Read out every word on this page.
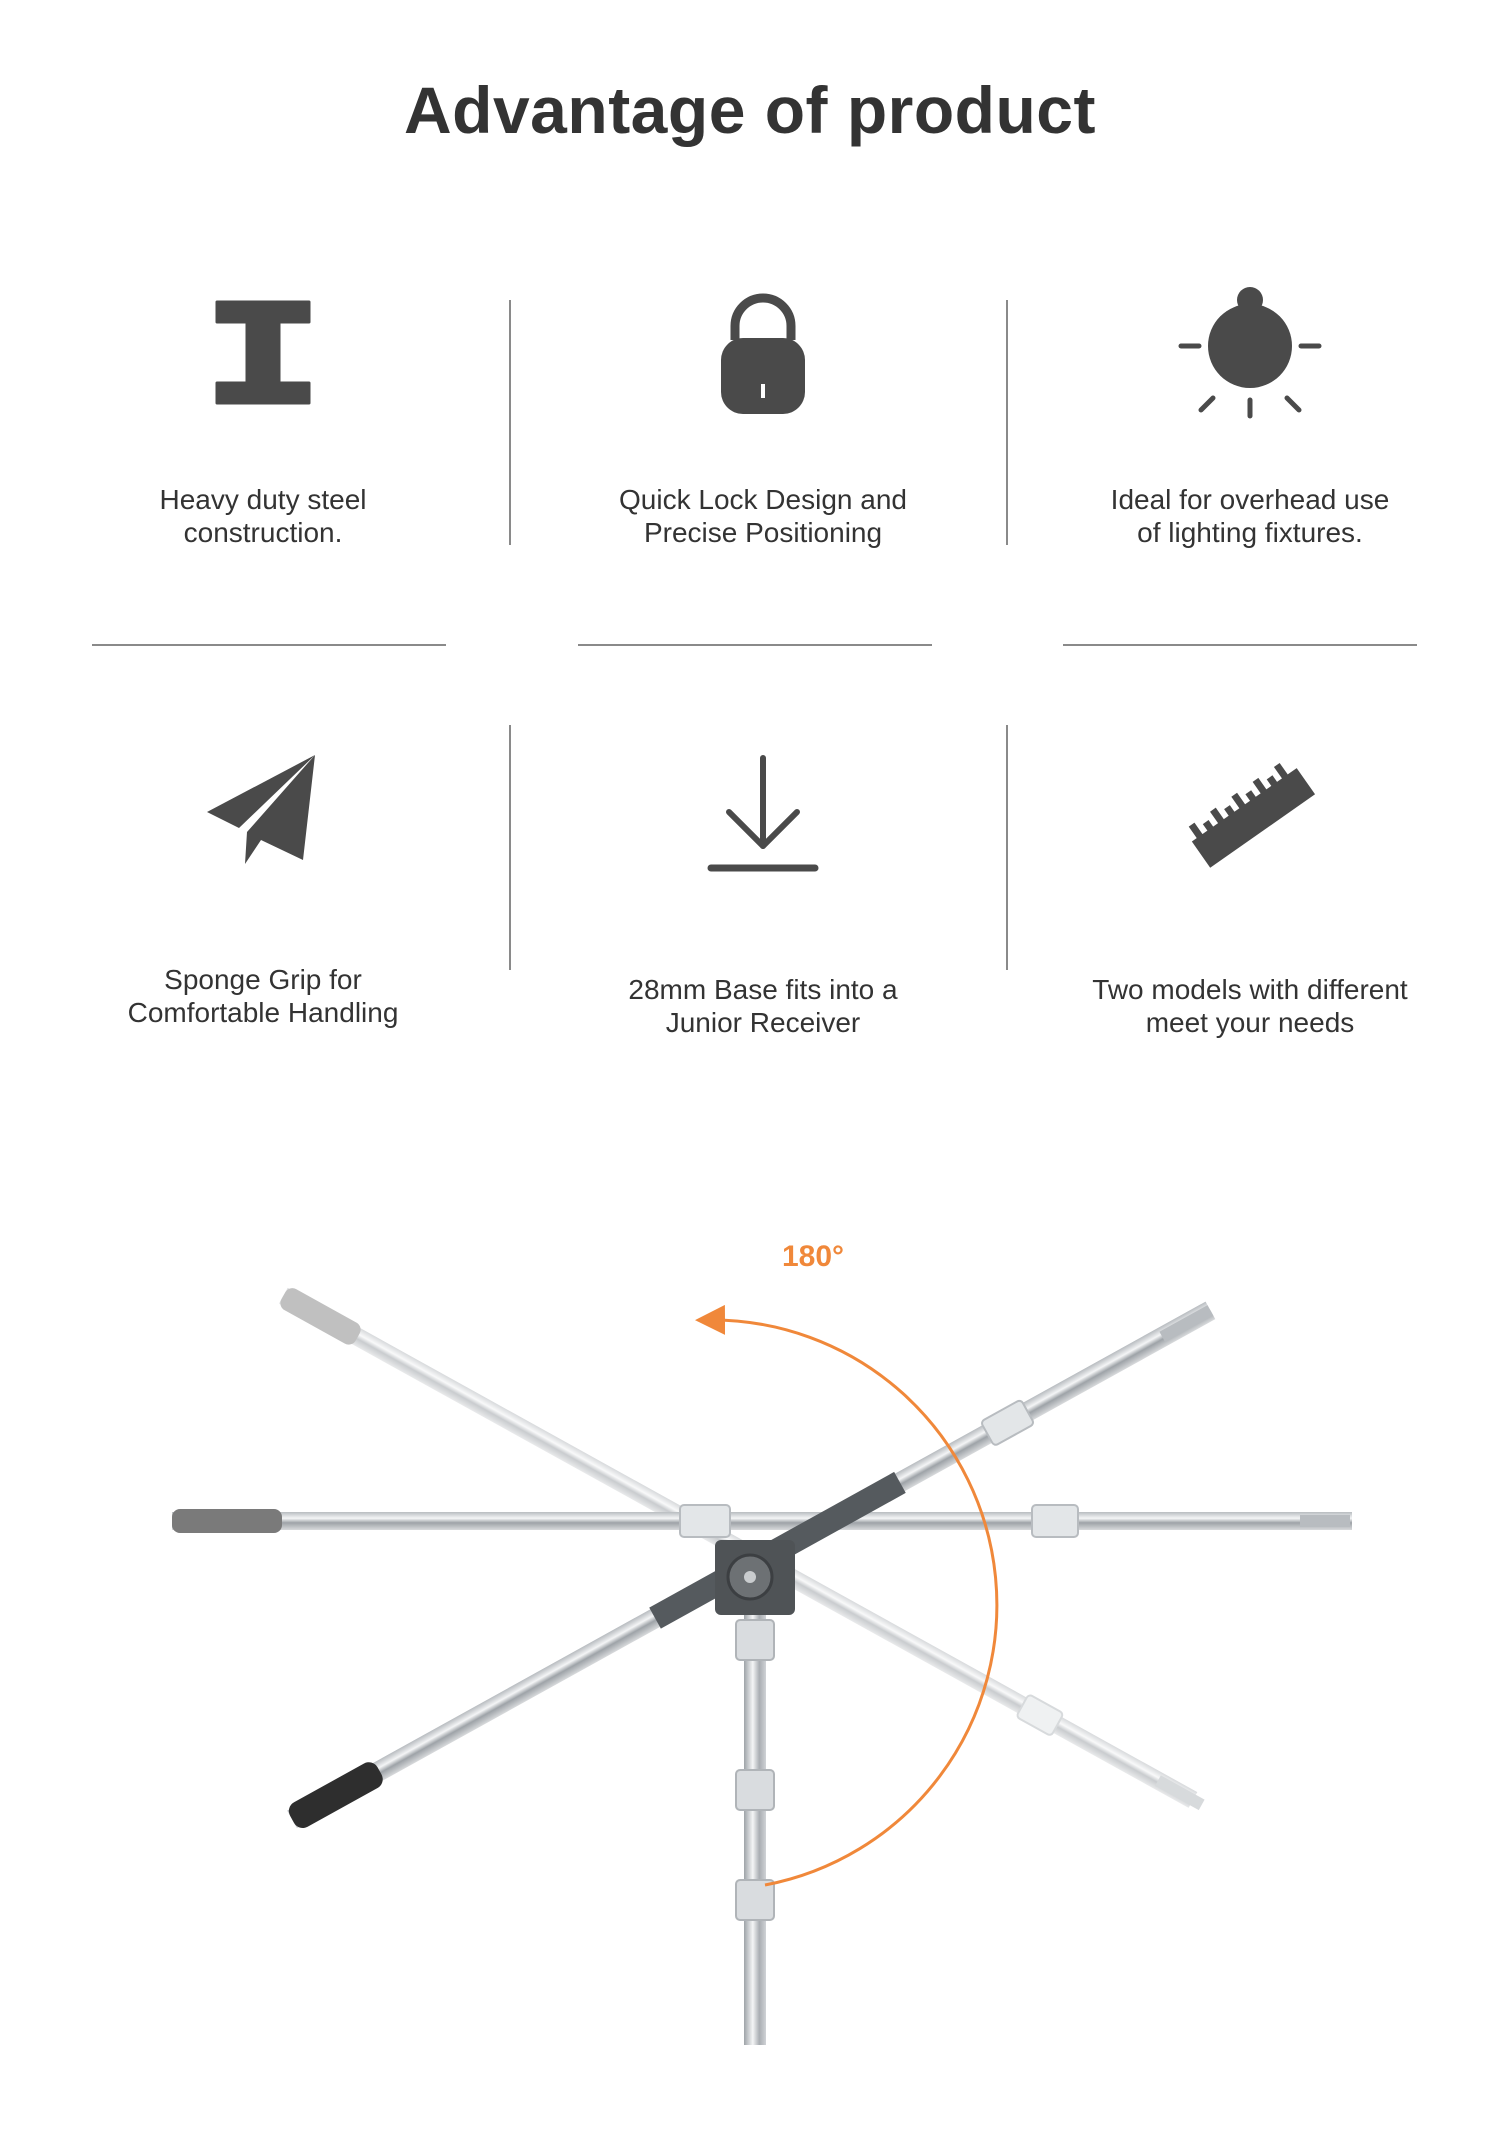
Advantage of product
Heavy duty steel
construction.
Quick Lock Design and
Precise Positioning
Ideal for overhead use
of lighting fixtures.
Sponge Grip for
Comfortable Handling
28mm Base fits into a
Junior Receiver
Two models with different
meet your needs
180°
